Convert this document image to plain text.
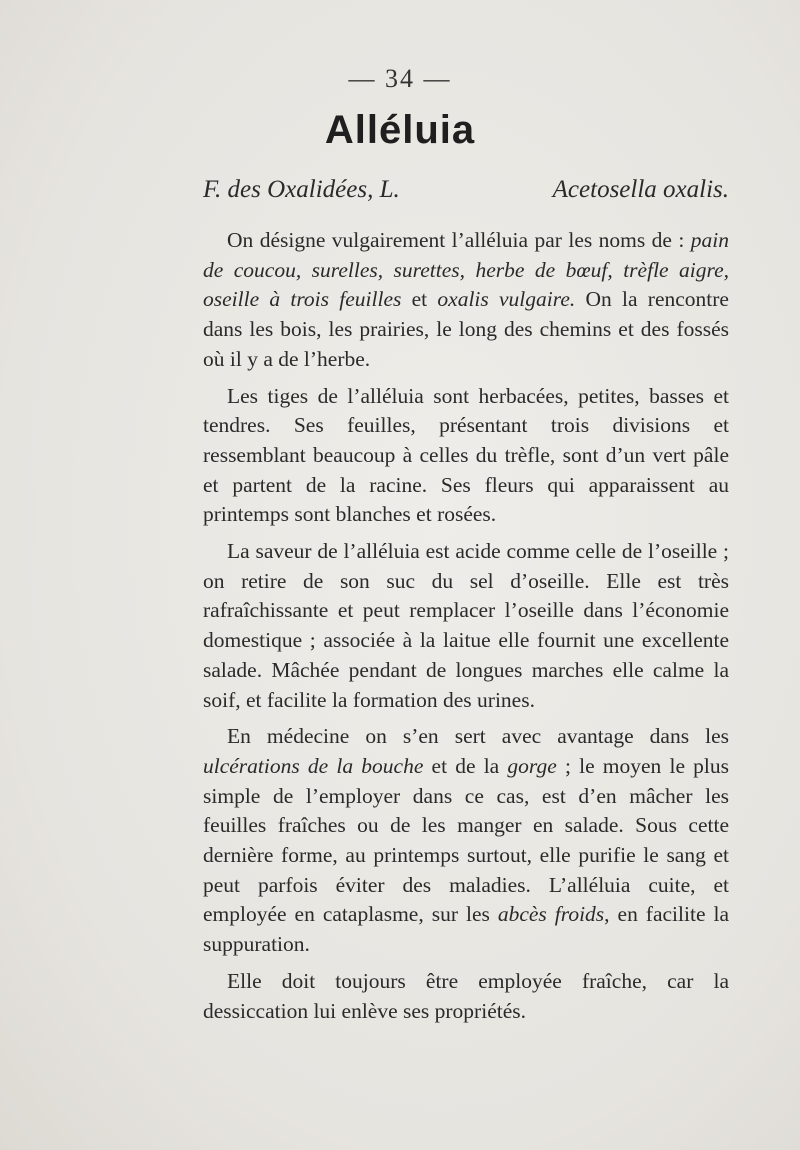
— 34 —
Alléluia
F. des Oxalidées, L.	Acetosella oxalis.

On désigne vulgairement l’alléluia par les noms de : pain de coucou, surelles, surettes, herbe de bœuf, trèfle aigre, oseille à trois feuilles et oxalis vulgaire. On la rencontre dans les bois, les prairies, le long des chemins et des fossés où il y a de l’herbe.

Les tiges de l’alléluia sont herbacées, petites, basses et tendres. Ses feuilles, présentant trois divisions et ressemblant beaucoup à celles du trèfle, sont d’un vert pâle et partent de la racine. Ses fleurs qui apparaissent au printemps sont blanches et rosées.

La saveur de l’alléluia est acide comme celle de l’oseille ; on retire de son suc du sel d’oseille. Elle est très rafraîchissante et peut remplacer l’oseille dans l’économie domestique ; associée à la laitue elle fournit une excellente salade. Mâchée pendant de longues marches elle calme la soif, et facilite la formation des urines.

En médecine on s’en sert avec avantage dans les ulcérations de la bouche et de la gorge ; le moyen le plus simple de l’employer dans ce cas, est d’en mâcher les feuilles fraîches ou de les manger en salade. Sous cette dernière forme, au printemps surtout, elle purifie le sang et peut parfois éviter des maladies. L’alléluia cuite, et employée en cataplasme, sur les abcès froids, en facilite la suppuration.

Elle doit toujours être employée fraîche, car la dessiccation lui enlève ses propriétés.
